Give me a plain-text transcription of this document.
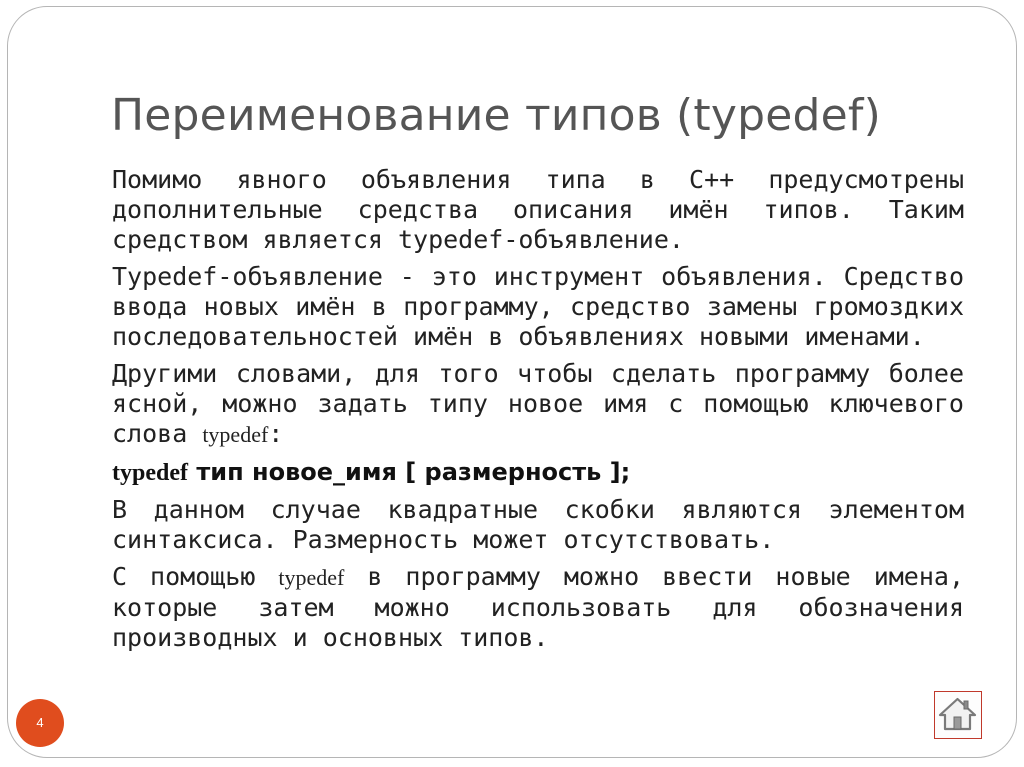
Переименование типов (typedef)

Помимо явного объявления типа в С++ предусмотрены дополнительные средства описания имён типов. Таким средством является typedef-объявление.

Typedef-объявление - это инструмент объявления. Средство ввода новых имён в программу, средство замены громоздких последовательностей имён в объявлениях новыми именами.

Другими словами, для того чтобы сделать программу более ясной, можно задать типу новое имя с помощью ключевого слова typedef:

typedef тип новое_имя [ размерность ];

В данном случае квадратные скобки являются элементом синтаксиса. Размерность может отсутствовать.

С помощью typedef в программу можно ввести новые имена, которые затем можно использовать для обозначения производных и основных типов.

4
